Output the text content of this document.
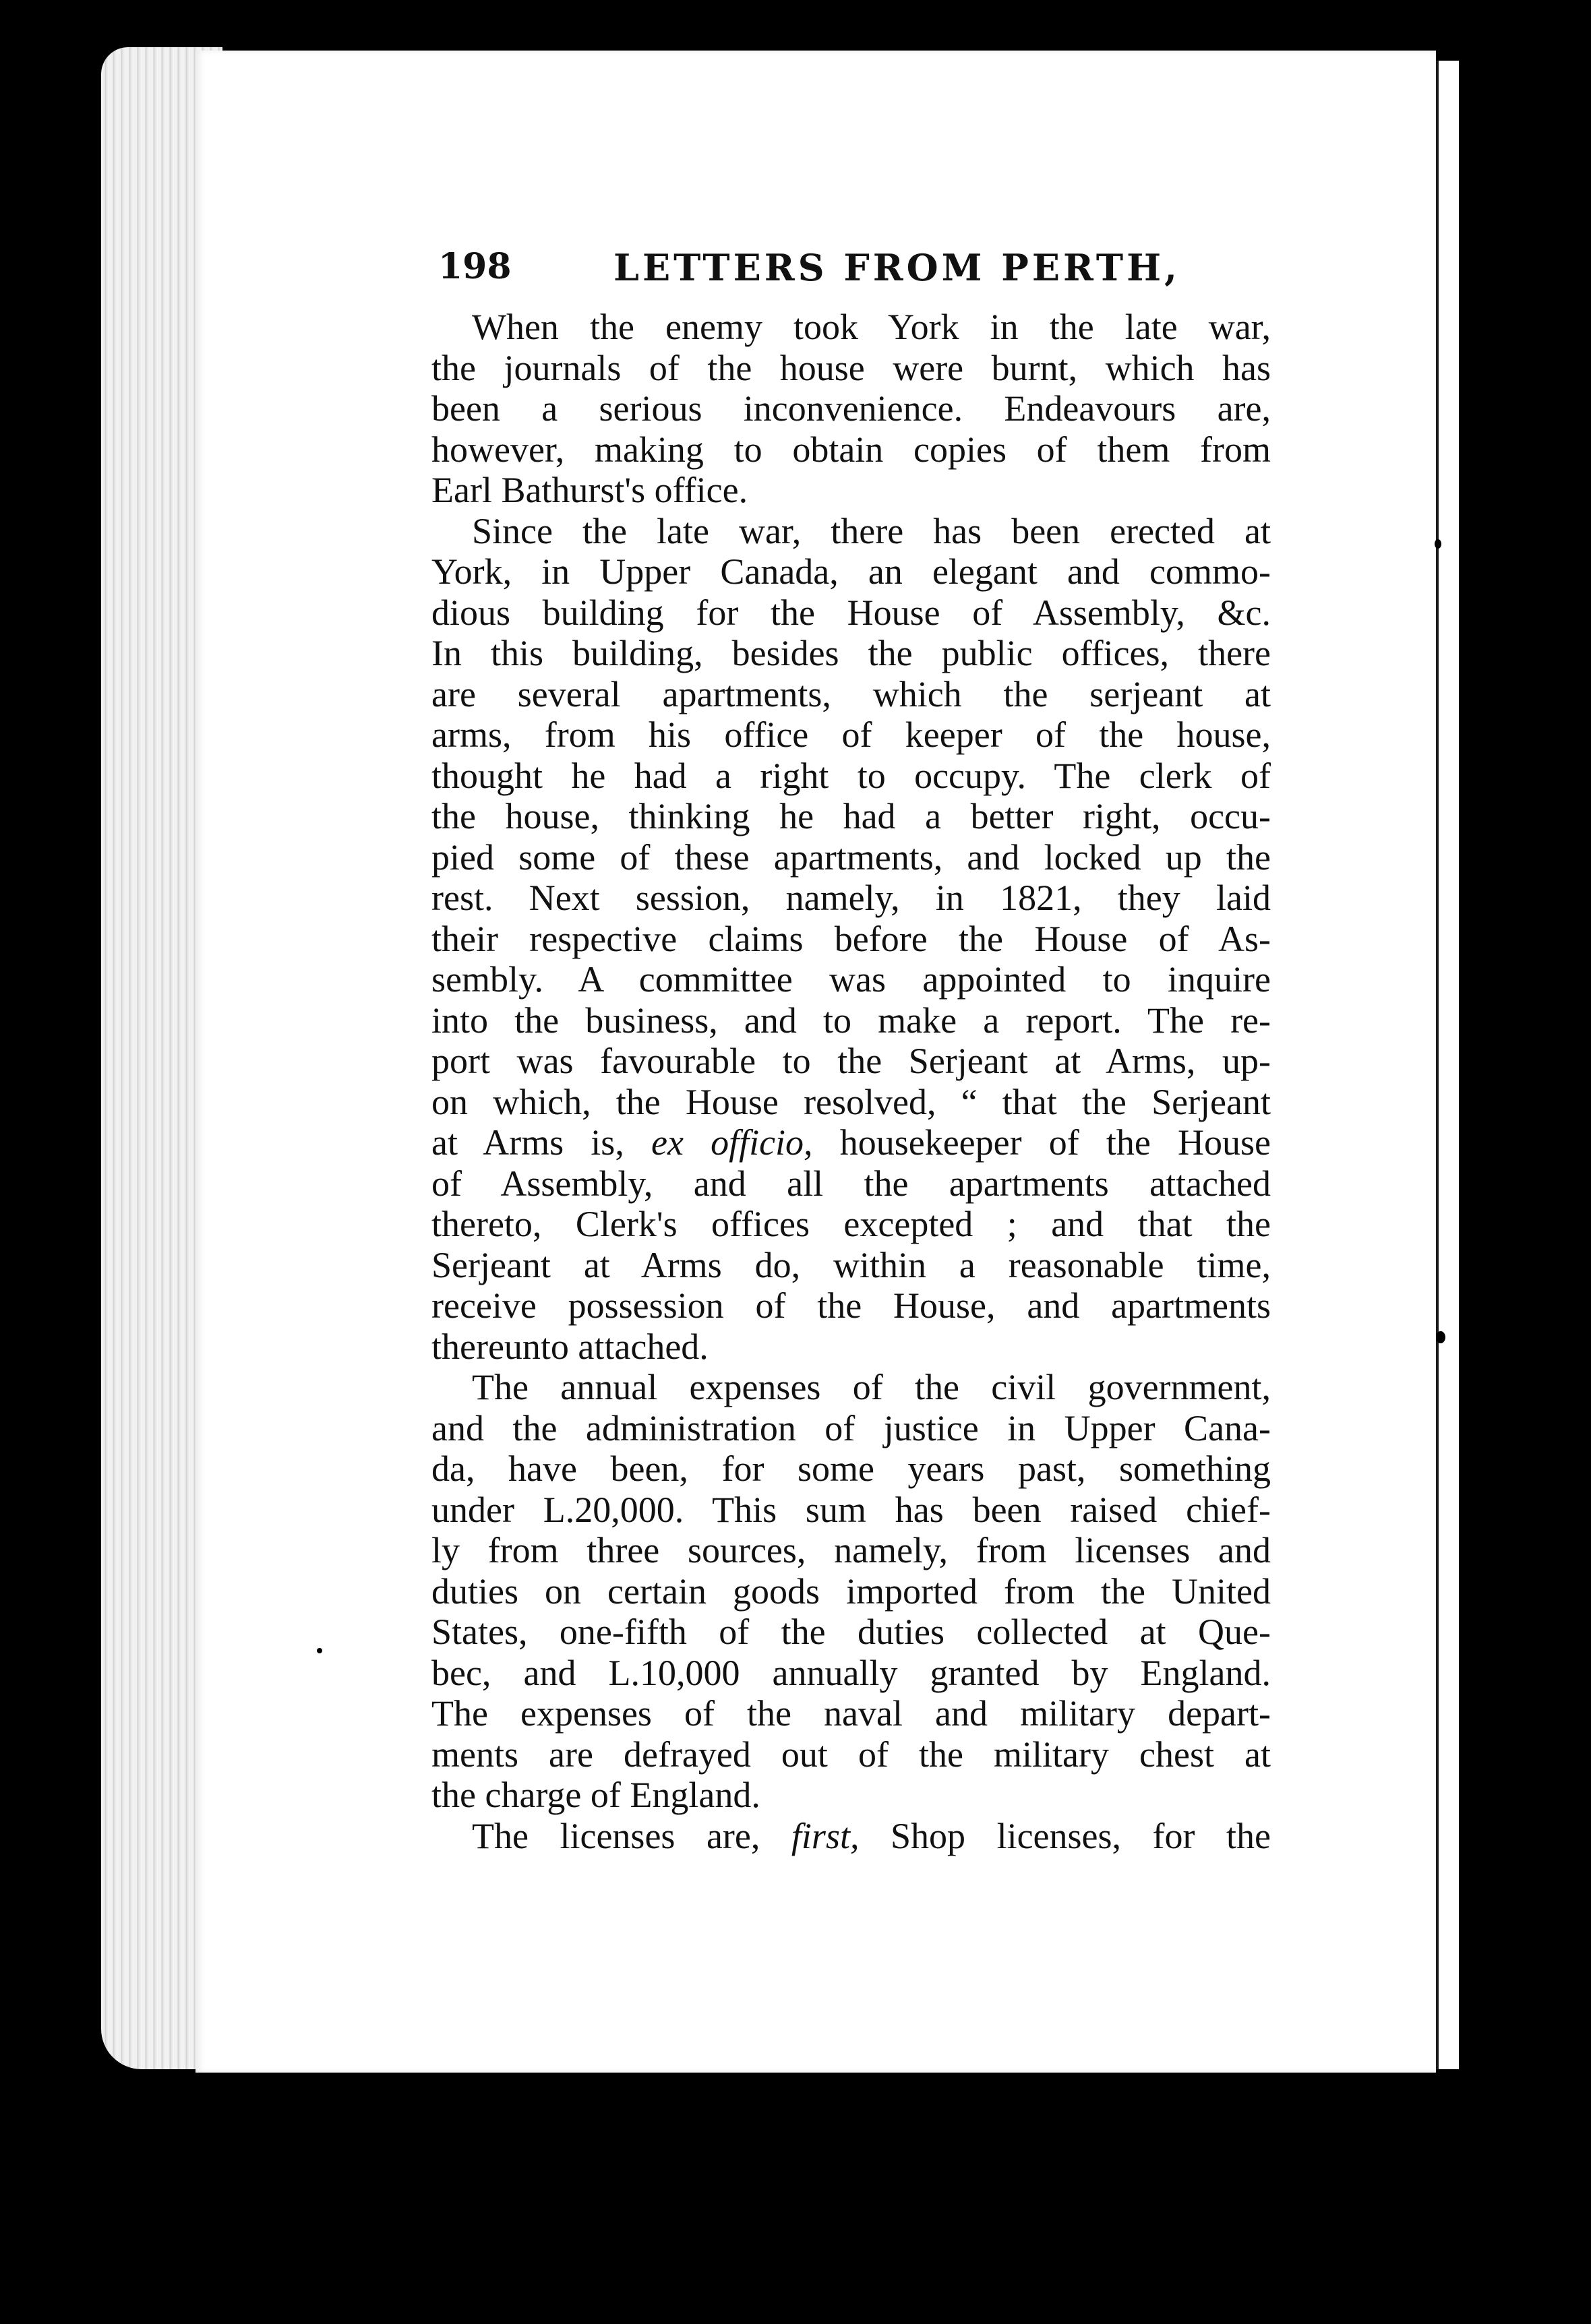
198	LETTERS FROM PERTH,
When the enemy took York in the late war,
the journals of the house were burnt, which has
been a serious inconvenience. Endeavours are,
however, making to obtain copies of them from
Earl Bathurst's office.
Since the late war, there has been erected at
York, in Upper Canada, an elegant and commo-
dious building for the House of Assembly, &c.
In this building, besides the public offices, there
are several apartments, which the serjeant at
arms, from his office of keeper of the house,
thought he had a right to occupy. The clerk of
the house, thinking he had a better right, occu-
pied some of these apartments, and locked up the
rest. Next session, namely, in 1821, they laid
their respective claims before the House of As-
sembly. A committee was appointed to inquire
into the business, and to make a report. The re-
port was favourable to the Serjeant at Arms, up-
on which, the House resolved, “ that the Serjeant
at Arms is, ex officio, housekeeper of the House
of Assembly, and all the apartments attached
thereto, Clerk's offices excepted ; and that the
Serjeant at Arms do, within a reasonable time,
receive possession of the House, and apartments
thereunto attached.
The annual expenses of the civil government,
and the administration of justice in Upper Cana-
da, have been, for some years past, something
under L.20,000. This sum has been raised chief-
ly from three sources, namely, from licenses and
duties on certain goods imported from the United
States, one-fifth of the duties collected at Que-
bec, and L.10,000 annually granted by England.
The expenses of the naval and military depart-
ments are defrayed out of the military chest at
the charge of England.
The licenses are, first, Shop licenses, for the
